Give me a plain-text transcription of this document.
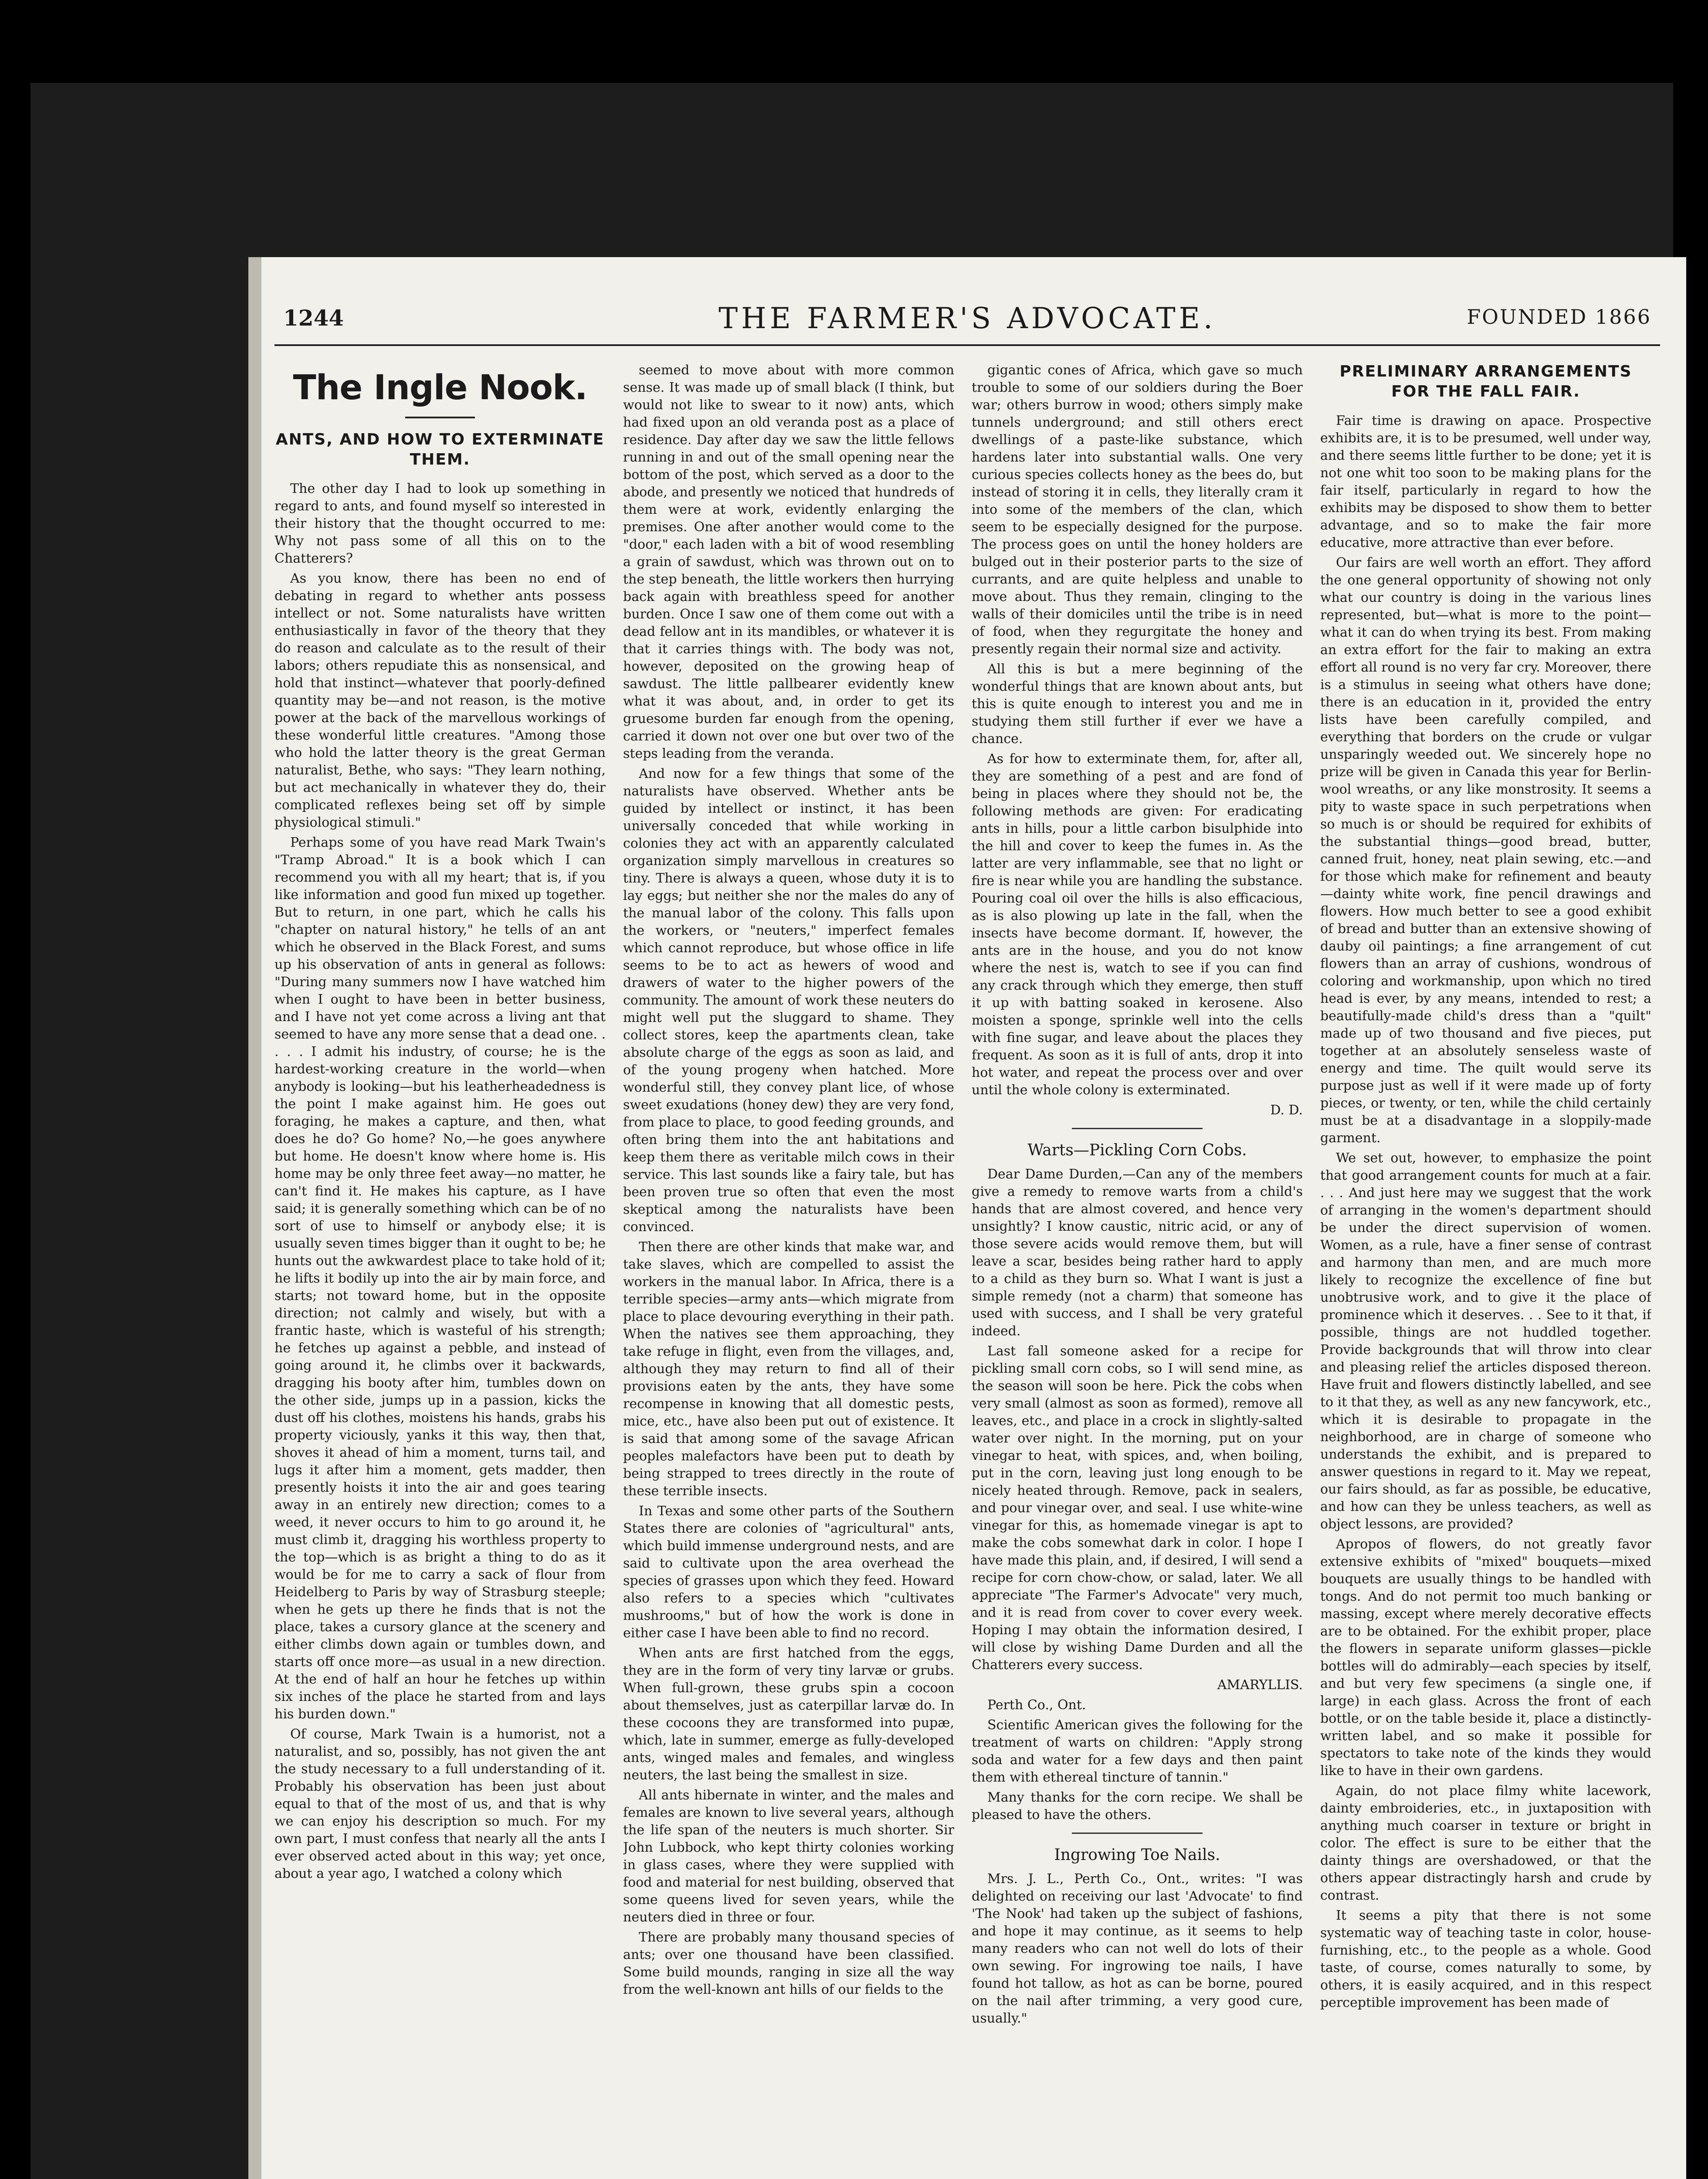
1244	THE FARMER'S ADVOCATE.	FOUNDED 1866
The Ingle Nook.
ANTS, AND HOW TO EXTERMINATE THEM.

The other day I had to look up something in regard to ants, and found myself so interested in their history that the thought occurred to me: Why not pass some of all this on to the Chatterers?

As you know, there has been no end of debating in regard to whether ants possess intellect or not. Some naturalists have written enthusiastically in favor of the theory that they do reason and calculate as to the result of their labors; others repudiate this as nonsensical, and hold that instinct—whatever that poorly-defined quantity may be—and not reason, is the motive power at the back of the marvellous workings of these wonderful little creatures. "Among those who hold the latter theory is the great German naturalist, Bethe, who says: "They learn nothing, but act mechanically in whatever they do, their complicated reflexes being set off by simple physiological stimuli."

Perhaps some of you have read Mark Twain's "Tramp Abroad." It is a book which I can recommend you with all my heart; that is, if you like information and good fun mixed up together. But to return, in one part, which he calls his "chapter on natural history," he tells of an ant which he observed in the Black Forest, and sums up his observation of ants in general as follows: "During many summers now I have watched him when I ought to have been in better business, and I have not yet come across a living ant that seemed to have any more sense that a dead one. . . . . I admit his industry, of course; he is the hardest-working creature in the world—when anybody is looking—but his leatherheadedness is the point I make against him. He goes out foraging, he makes a capture, and then, what does he do? Go home? No,—he goes anywhere but home. He doesn't know where home is. His home may be only three feet away—no matter, he can't find it. He makes his capture, as I have said; it is generally something which can be of no sort of use to himself or anybody else; it is usually seven times bigger than it ought to be; he hunts out the awkwardest place to take hold of it; he lifts it bodily up into the air by main force, and starts; not toward home, but in the opposite direction; not calmly and wisely, but with a frantic haste, which is wasteful of his strength; he fetches up against a pebble, and instead of going around it, he climbs over it backwards, dragging his booty after him, tumbles down on the other side, jumps up in a passion, kicks the dust off his clothes, moistens his hands, grabs his property viciously, yanks it this way, then that, shoves it ahead of him a moment, turns tail, and lugs it after him a moment, gets madder, then presently hoists it into the air and goes tearing away in an entirely new direction; comes to a weed, it never occurs to him to go around it, he must climb it, dragging his worthless property to the top—which is as bright a thing to do as it would be for me to carry a sack of flour from Heidelberg to Paris by way of Strasburg steeple; when he gets up there he finds that is not the place, takes a cursory glance at the scenery and either climbs down again or tumbles down, and starts off once more—as usual in a new direction. At the end of half an hour he fetches up within six inches of the place he started from and lays his burden down."

Of course, Mark Twain is a humorist, not a naturalist, and so, possibly, has not given the ant the study necessary to a full understanding of it. Probably his observation has been just about equal to that of the most of us, and that is why we can enjoy his description so much. For my own part, I must confess that nearly all the ants I ever observed acted about in this way; yet once, about a year ago, I watched a colony which

seemed to move about with more common sense. It was made up of small black (I think, but would not like to swear to it now) ants, which had fixed upon an old veranda post as a place of residence. Day after day we saw the little fellows running in and out of the small opening near the bottom of the post, which served as a door to the abode, and presently we noticed that hundreds of them were at work, evidently enlarging the premises. One after another would come to the "door," each laden with a bit of wood resembling a grain of sawdust, which was thrown out on to the step beneath, the little workers then hurrying back again with breathless speed for another burden. Once I saw one of them come out with a dead fellow ant in its mandibles, or whatever it is that it carries things with. The body was not, however, deposited on the growing heap of sawdust. The little pallbearer evidently knew what it was about, and, in order to get its gruesome burden far enough from the opening, carried it down not over one but over two of the steps leading from the veranda.

And now for a few things that some of the naturalists have observed. Whether ants be guided by intellect or instinct, it has been universally conceded that while working in colonies they act with an apparently calculated organization simply marvellous in creatures so tiny. There is always a queen, whose duty it is to lay eggs; but neither she nor the males do any of the manual labor of the colony. This falls upon the workers, or "neuters," imperfect females which cannot reproduce, but whose office in life seems to be to act as hewers of wood and drawers of water to the higher powers of the community. The amount of work these neuters do might well put the sluggard to shame. They collect stores, keep the apartments clean, take absolute charge of the eggs as soon as laid, and of the young progeny when hatched. More wonderful still, they convey plant lice, of whose sweet exudations (honey dew) they are very fond, from place to place, to good feeding grounds, and often bring them into the ant habitations and keep them there as veritable milch cows in their service. This last sounds like a fairy tale, but has been proven true so often that even the most skeptical among the naturalists have been convinced.

Then there are other kinds that make war, and take slaves, which are compelled to assist the workers in the manual labor. In Africa, there is a terrible species—army ants—which migrate from place to place devouring everything in their path. When the natives see them approaching, they take refuge in flight, even from the villages, and, although they may return to find all of their provisions eaten by the ants, they have some recompense in knowing that all domestic pests, mice, etc., have also been put out of existence. It is said that among some of the savage African peoples malefactors have been put to death by being strapped to trees directly in the route of these terrible insects.

In Texas and some other parts of the Southern States there are colonies of "agricultural" ants, which build immense underground nests, and are said to cultivate upon the area overhead the species of grasses upon which they feed. Howard also refers to a species which "cultivates mushrooms," but of how the work is done in either case I have been able to find no record.

When ants are first hatched from the eggs, they are in the form of very tiny larvæ or grubs. When full-grown, these grubs spin a cocoon about themselves, just as caterpillar larvæ do. In these cocoons they are transformed into pupæ, which, late in summer, emerge as fully-developed ants, winged males and females, and wingless neuters, the last being the smallest in size.

All ants hibernate in winter, and the males and females are known to live several years, although the life span of the neuters is much shorter. Sir John Lubbock, who kept thirty colonies working in glass cases, where they were supplied with food and material for nest building, observed that some queens lived for seven years, while the neuters died in three or four.

There are probably many thousand species of ants; over one thousand have been classified. Some build mounds, ranging in size all the way from the well-known ant hills of our fields to the

gigantic cones of Africa, which gave so much trouble to some of our soldiers during the Boer war; others burrow in wood; others simply make tunnels underground; and still others erect dwellings of a paste-like substance, which hardens later into substantial walls. One very curious species collects honey as the bees do, but instead of storing it in cells, they literally cram it into some of the members of the clan, which seem to be especially designed for the purpose. The process goes on until the honey holders are bulged out in their posterior parts to the size of currants, and are quite helpless and unable to move about. Thus they remain, clinging to the walls of their domiciles until the tribe is in need of food, when they regurgitate the honey and presently regain their normal size and activity.

All this is but a mere beginning of the wonderful things that are known about ants, but this is quite enough to interest you and me in studying them still further if ever we have a chance.

As for how to exterminate them, for, after all, they are something of a pest and are fond of being in places where they should not be, the following methods are given: For eradicating ants in hills, pour a little carbon bisulphide into the hill and cover to keep the fumes in. As the latter are very inflammable, see that no light or fire is near while you are handling the substance. Pouring coal oil over the hills is also efficacious, as is also plowing up late in the fall, when the insects have become dormant. If, however, the ants are in the house, and you do not know where the nest is, watch to see if you can find any crack through which they emerge, then stuff it up with batting soaked in kerosene. Also moisten a sponge, sprinkle well into the cells with fine sugar, and leave about the places they frequent. As soon as it is full of ants, drop it into hot water, and repeat the process over and over until the whole colony is exterminated.

D. D.

Warts—Pickling Corn Cobs.

Dear Dame Durden,—Can any of the members give a remedy to remove warts from a child's hands that are almost covered, and hence very unsightly? I know caustic, nitric acid, or any of those severe acids would remove them, but will leave a scar, besides being rather hard to apply to a child as they burn so. What I want is just a simple remedy (not a charm) that someone has used with success, and I shall be very grateful indeed.

Last fall someone asked for a recipe for pickling small corn cobs, so I will send mine, as the season will soon be here. Pick the cobs when very small (almost as soon as formed), remove all leaves, etc., and place in a crock in slightly-salted water over night. In the morning, put on your vinegar to heat, with spices, and, when boiling, put in the corn, leaving just long enough to be nicely heated through. Remove, pack in sealers, and pour vinegar over, and seal. I use white-wine vinegar for this, as homemade vinegar is apt to make the cobs somewhat dark in color. I hope I have made this plain, and, if desired, I will send a recipe for corn chow-chow, or salad, later. We all appreciate "The Farmer's Advocate" very much, and it is read from cover to cover every week. Hoping I may obtain the information desired, I will close by wishing Dame Durden and all the Chatterers every success.

AMARYLLIS.

Perth Co., Ont.

Scientific American gives the following for the treatment of warts on children: "Apply strong soda and water for a few days and then paint them with ethereal tincture of tannin."

Many thanks for the corn recipe. We shall be pleased to have the others.

Ingrowing Toe Nails.

Mrs. J. L., Perth Co., Ont., writes: "I was delighted on receiving our last 'Advocate' to find 'The Nook' had taken up the subject of fashions, and hope it may continue, as it seems to help many readers who can not well do lots of their own sewing. For ingrowing toe nails, I have found hot tallow, as hot as can be borne, poured on the nail after trimming, a very good cure, usually."

PRELIMINARY ARRANGEMENTS FOR THE FALL FAIR.

Fair time is drawing on apace. Prospective exhibits are, it is to be presumed, well under way, and there seems little further to be done; yet it is not one whit too soon to be making plans for the fair itself, particularly in regard to how the exhibits may be disposed to show them to better advantage, and so to make the fair more educative, more attractive than ever before.

Our fairs are well worth an effort. They afford the one general opportunity of showing not only what our country is doing in the various lines represented, but—what is more to the point—what it can do when trying its best. From making an extra effort for the fair to making an extra effort all round is no very far cry. Moreover, there is a stimulus in seeing what others have done; there is an education in it, provided the entry lists have been carefully compiled, and everything that borders on the crude or vulgar unsparingly weeded out. We sincerely hope no prize will be given in Canada this year for Berlin-wool wreaths, or any like monstrosity. It seems a pity to waste space in such perpetrations when so much is or should be required for exhibits of the substantial things—good bread, butter, canned fruit, honey, neat plain sewing, etc.—and for those which make for refinement and beauty—dainty white work, fine pencil drawings and flowers. How much better to see a good exhibit of bread and butter than an extensive showing of dauby oil paintings; a fine arrangement of cut flowers than an array of cushions, wondrous of coloring and workmanship, upon which no tired head is ever, by any means, intended to rest; a beautifully-made child's dress than a "quilt" made up of two thousand and five pieces, put together at an absolutely senseless waste of energy and time. The quilt would serve its purpose just as well if it were made up of forty pieces, or twenty, or ten, while the child certainly must be at a disadvantage in a sloppily-made garment.

We set out, however, to emphasize the point that good arrangement counts for much at a fair. . . . And just here may we suggest that the work of arranging in the women's department should be under the direct supervision of women. Women, as a rule, have a finer sense of contrast and harmony than men, and are much more likely to recognize the excellence of fine but unobtrusive work, and to give it the place of prominence which it deserves. . . See to it that, if possible, things are not huddled together. Provide backgrounds that will throw into clear and pleasing relief the articles disposed thereon. Have fruit and flowers distinctly labelled, and see to it that they, as well as any new fancywork, etc., which it is desirable to propagate in the neighborhood, are in charge of someone who understands the exhibit, and is prepared to answer questions in regard to it. May we repeat, our fairs should, as far as possible, be educative, and how can they be unless teachers, as well as object lessons, are provided?

Apropos of flowers, do not greatly favor extensive exhibits of "mixed" bouquets—mixed bouquets are usually things to be handled with tongs. And do not permit too much banking or massing, except where merely decorative effects are to be obtained. For the exhibit proper, place the flowers in separate uniform glasses—pickle bottles will do admirably—each species by itself, and but very few specimens (a single one, if large) in each glass. Across the front of each bottle, or on the table beside it, place a distinctly-written label, and so make it possible for spectators to take note of the kinds they would like to have in their own gardens.

Again, do not place filmy white lacework, dainty embroideries, etc., in juxtaposition with anything much coarser in texture or bright in color. The effect is sure to be either that the dainty things are overshadowed, or that the others appear distractingly harsh and crude by contrast.

It seems a pity that there is not some systematic way of teaching taste in color, house-furnishing, etc., to the people as a whole. Good taste, of course, comes naturally to some, by others, it is easily acquired, and in this respect perceptible improvement has been made of
